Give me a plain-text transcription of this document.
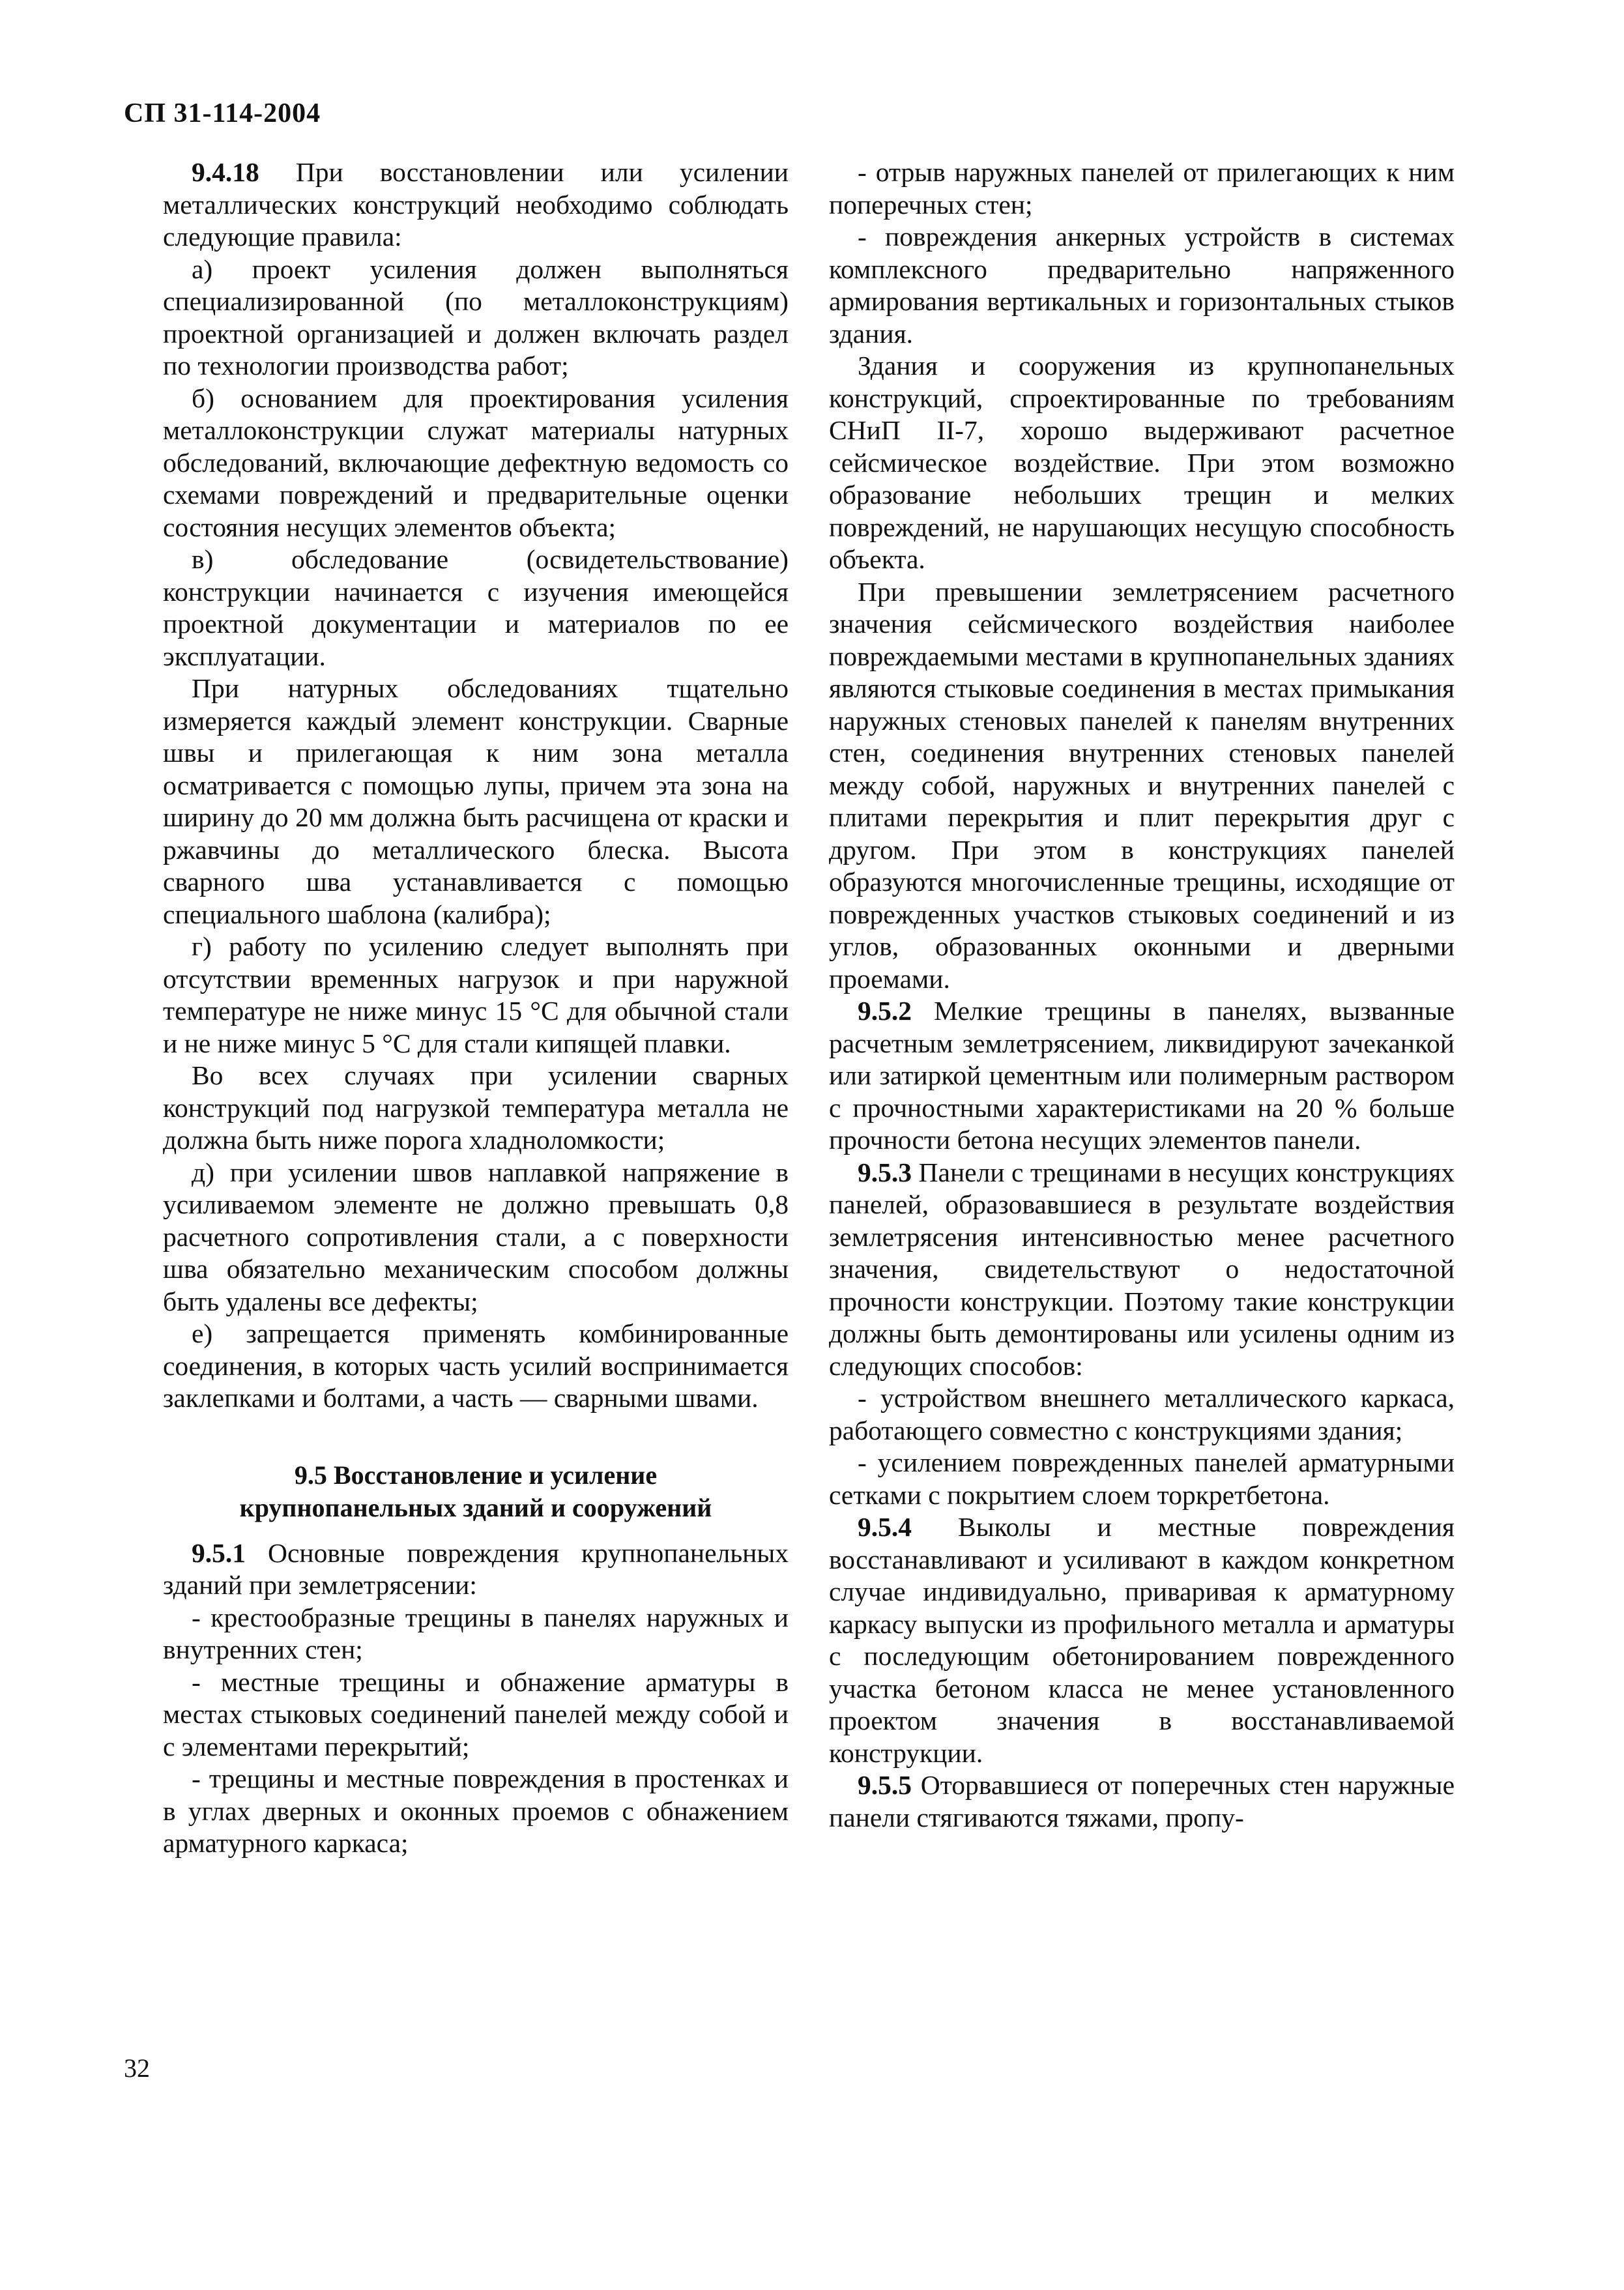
СП 31-114-2004

9.4.18 При восстановлении или усилении металлических конструкций необходимо соблюдать следующие правила:

а) проект усиления должен выполняться специализированной (по металлоконструкциям) проектной организацией и должен включать раздел по технологии производства работ;

б) основанием для проектирования усиления металлоконструкции служат материалы натурных обследований, включающие дефектную ведомость со схемами повреждений и предварительные оценки состояния несущих элементов объекта;

в) обследование (освидетельствование) конструкции начинается с изучения имеющейся проектной документации и материалов по ее эксплуатации.

При натурных обследованиях тщательно измеряется каждый элемент конструкции. Сварные швы и прилегающая к ним зона металла осматривается с помощью лупы, причем эта зона на ширину до 20 мм должна быть расчищена от краски и ржавчины до металлического блеска. Высота сварного шва устанавливается с помощью специального шаблона (калибра);

г) работу по усилению следует выполнять при отсутствии временных нагрузок и при наружной температуре не ниже минус 15 °С для обычной стали и не ниже минус 5 °С для стали кипящей плавки.

Во всех случаях при усилении сварных конструкций под нагрузкой температура металла не должна быть ниже порога хладноломкости;

д) при усилении швов наплавкой напряжение в усиливаемом элементе не должно превышать 0,8 расчетного сопротивления стали, а с поверхности шва обязательно механическим способом должны быть удалены все дефекты;

е) запрещается применять комбинированные соединения, в которых часть усилий воспринимается заклепками и болтами, а часть — сварными швами.

9.5 Восстановление и усиление
крупнопанельных зданий и сооружений

9.5.1 Основные повреждения крупнопанельных зданий при землетрясении:

- крестообразные трещины в панелях наружных и внутренних стен;

- местные трещины и обнажение арматуры в местах стыковых соединений панелей между собой и с элементами перекрытий;

- трещины и местные повреждения в простенках и в углах дверных и оконных проемов с обнажением арматурного каркаса;

- отрыв наружных панелей от прилегающих к ним поперечных стен;

- повреждения анкерных устройств в системах комплексного предварительно напряженного армирования вертикальных и горизонтальных стыков здания.

Здания и сооружения из крупнопанельных конструкций, спроектированные по требованиям СНиП II-7, хорошо выдерживают расчетное сейсмическое воздействие. При этом возможно образование небольших трещин и мелких повреждений, не нарушающих несущую способность объекта.

При превышении землетрясением расчетного значения сейсмического воздействия наиболее повреждаемыми местами в крупнопанельных зданиях являются стыковые соединения в местах примыкания наружных стеновых панелей к панелям внутренних стен, соединения внутренних стеновых панелей между собой, наружных и внутренних панелей с плитами перекрытия и плит перекрытия друг с другом. При этом в конструкциях панелей образуются многочисленные трещины, исходящие от поврежденных участков стыковых соединений и из углов, образованных оконными и дверными проемами.

9.5.2 Мелкие трещины в панелях, вызванные расчетным землетрясением, ликвидируют зачеканкой или затиркой цементным или полимерным раствором с прочностными характеристиками на 20 % больше прочности бетона несущих элементов панели.

9.5.3 Панели с трещинами в несущих конструкциях панелей, образовавшиеся в результате воздействия землетрясения интенсивностью менее расчетного значения, свидетельствуют о недостаточной прочности конструкции. Поэтому такие конструкции должны быть демонтированы или усилены одним из следующих способов:

- устройством внешнего металлического каркаса, работающего совместно с конструкциями здания;

- усилением поврежденных панелей арматурными сетками с покрытием слоем торкретбетона.

9.5.4 Выколы и местные повреждения восстанавливают и усиливают в каждом конкретном случае индивидуально, приваривая к арматурному каркасу выпуски из профильного металла и арматуры с последующим обетонированием поврежденного участка бетоном класса не менее установленного проектом значения в восстанавливаемой конструкции.

9.5.5 Оторвавшиеся от поперечных стен наружные панели стягиваются тяжами, пропу-

32
